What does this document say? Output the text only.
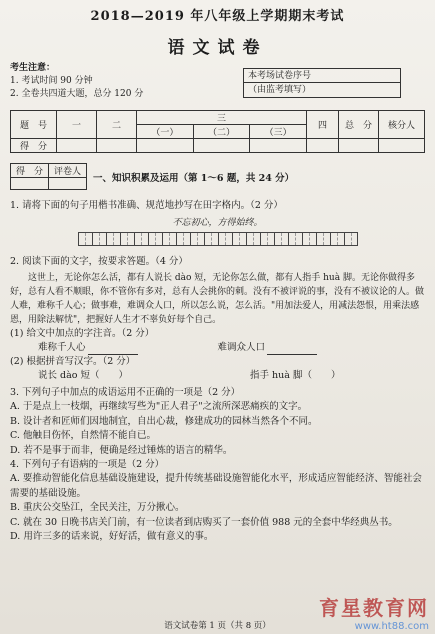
2018—2019 年八年级上学期期末考试
语文试卷
考生注意：
1. 考试时间 90 分钟
2. 全卷共四道大题，总分 120 分
本考场试卷序号
（由监考填写）
题　号	一	二	三			四	总　分	核分人
			（一）	（二）	（三）			
得　分								
得　分	评卷人

一、知识积累及运用（第 1～6 题，共 24 分）
1. 请将下面的句子用楷书准确、规范地抄写在田字格内。（2 分）
不忘初心，方得始终。
2. 阅读下面的文字，按要求答题。（4 分）
这世上，无论你怎么活，都有人说长 dào 短，无论你怎么做，都有人指手 huà 脚。无论你做得多好，总有人看不顺眼，你不管你有多对，总有人会挑你的刺。没有不被评说的事，没有不被议论的人。做人难，难称千人心；做事难，难调众人口，所以怎么说，怎么活。"用加法爱人，用减法怨恨，用乘法感恩，用除法解忧"，把握好人生才不辜负好每个自己。
(1) 给文中加点的字注音。（2 分）
难称千人心	难调众人口
(2) 根据拼音写汉字。（2 分）
说长 dào 短（　　）	指手 huà 脚（　　）
3. 下列句子中加点的成语运用不正确的一项是（2 分）
A. 于是点上一枝烟，再继续写些为"正人君子"之流所深恶痛疾的文字。
B. 设计者和匠师们因地制宜，自出心裁，修建成功的园林当然各个不同。
C. 他触目伤怀，自然情不能自已。
D. 若不是事于而非，便确是经过锤炼的语言的精华。
4. 下列句子有语病的一项是（2 分）
A. 要推动智能化信息基础设施建设，提升传统基础设施智能化水平，形成适应智能经济、智能社会需要的基础设施。
B. 重庆公交坠江，全民关注，万分揪心。
C. 就在 30 日晚书店关门前，有一位读者到店购买了一套价值 988 元的全套中华经典丛书。
D. 用许三多的话来说，好好活，做有意义的事。
语文试卷第 1 页（共 8 页）
育星教育网
www.ht88.com
